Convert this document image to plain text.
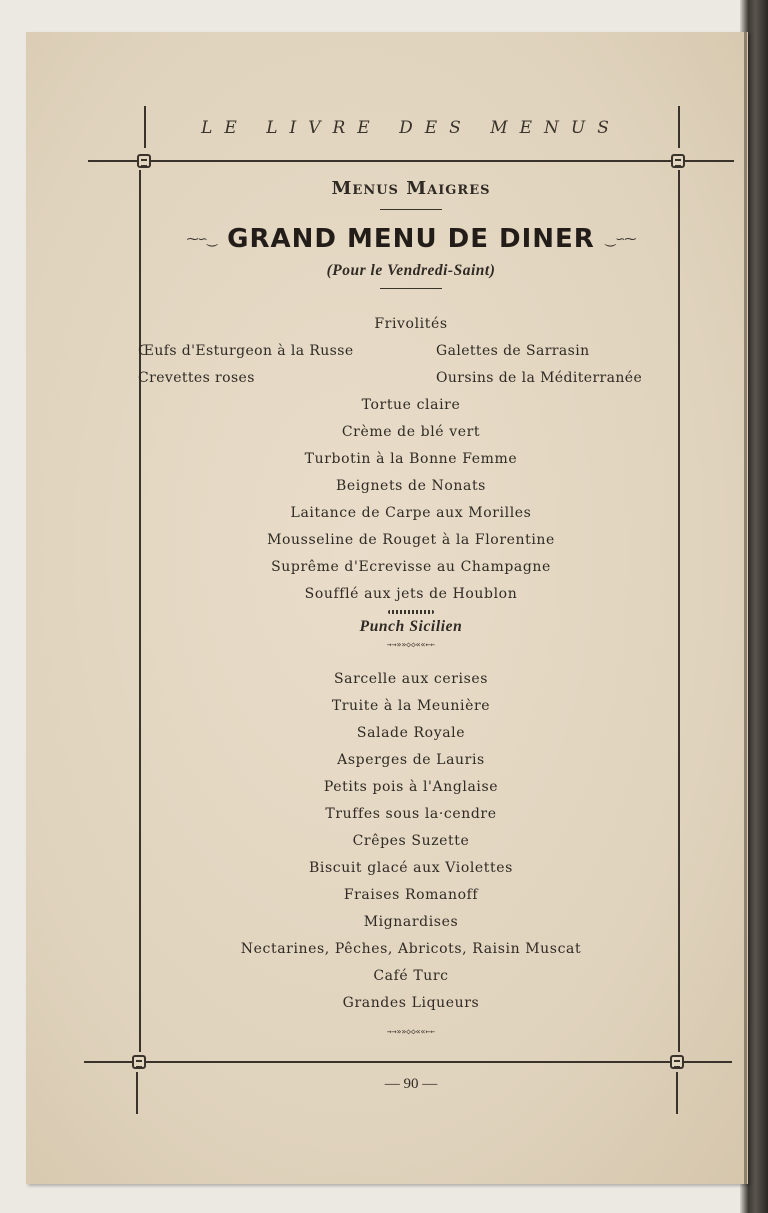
LE LIVRE DES MENUS
Menus Maigres
⁓∽⏝ GRAND MENU DE DINER ⏝∽⁓
(Pour le Vendredi-Saint)
Frivolités
Œufs d'Esturgeon à la Russe	Galettes de Sarrasin
Crevettes roses	Oursins de la Méditerranée
Tortue claire
Crème de blé vert
Turbotin à la Bonne Femme
Beignets de Nonats
Laitance de Carpe aux Morilles
Mousseline de Rouget à la Florentine
Suprême d'Ecrevisse au Champagne
Soufflé aux jets de Houblon
Punch Sicilien
→→»»◇◇««←←
Sarcelle aux cerises
Truite à la Meunière
Salade Royale
Asperges de Lauris
Petits pois à l'Anglaise
Truffes sous la·cendre
Crêpes Suzette
Biscuit glacé aux Violettes
Fraises Romanoff
Mignardises
Nectarines, Pêches, Abricots, Raisin Muscat
Café Turc
Grandes Liqueurs
→→»»◇◇««←←
— 90 —
